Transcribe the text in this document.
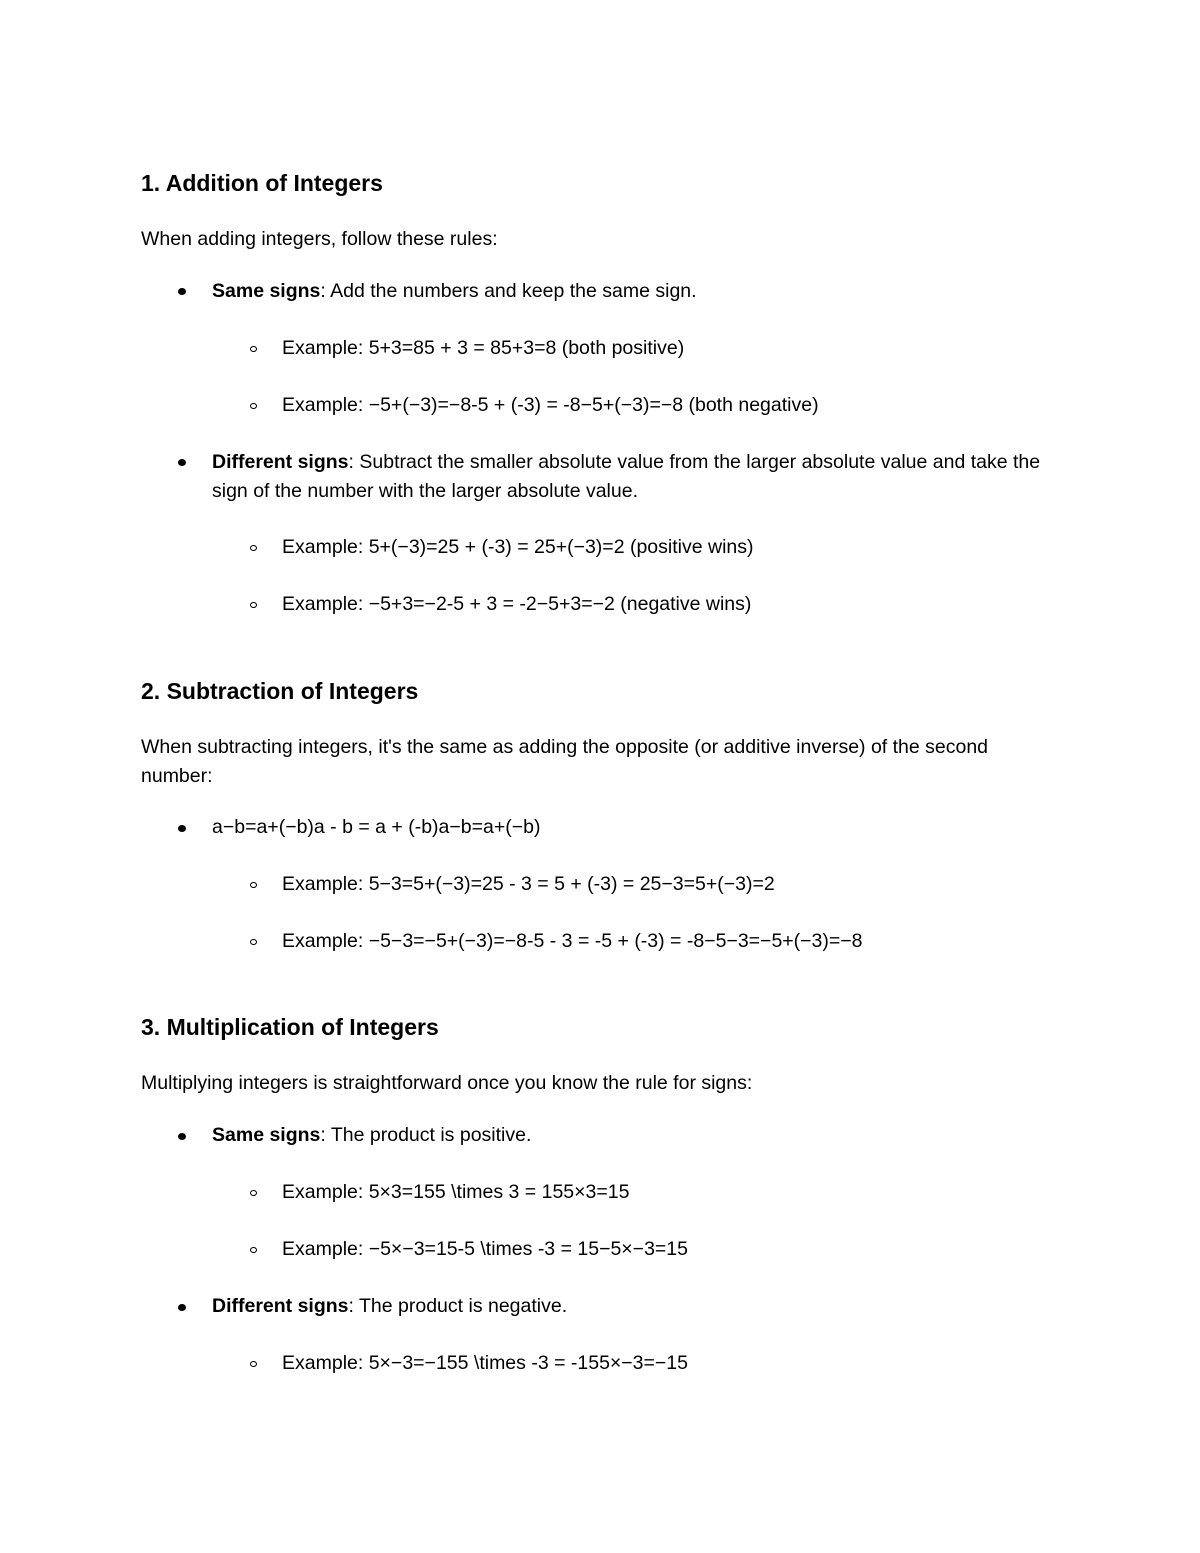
1. Addition of Integers
When adding integers, follow these rules:
Same signs: Add the numbers and keep the same sign.
Example: 5+3=85 + 3 = 85+3=8 (both positive)
Example: −5+(−3)=−8-5 + (-3) = -8−5+(−3)=−8 (both negative)
Different signs: Subtract the smaller absolute value from the larger absolute value and take the sign of the number with the larger absolute value.
Example: 5+(−3)=25 + (-3) = 25+(−3)=2 (positive wins)
Example: −5+3=−2-5 + 3 = -2−5+3=−2 (negative wins)
2. Subtraction of Integers
When subtracting integers, it's the same as adding the opposite (or additive inverse) of the second number:
a−b=a+(−b)a - b = a + (-b)a−b=a+(−b)
Example: 5−3=5+(−3)=25 - 3 = 5 + (-3) = 25−3=5+(−3)=2
Example: −5−3=−5+(−3)=−8-5 - 3 = -5 + (-3) = -8−5−3=−5+(−3)=−8
3. Multiplication of Integers
Multiplying integers is straightforward once you know the rule for signs:
Same signs: The product is positive.
Example: 5×3=155 \times 3 = 155×3=15
Example: −5×−3=15-5 \times -3 = 15−5×−3=15
Different signs: The product is negative.
Example: 5×−3=−155 \times -3 = -155×−3=−15
